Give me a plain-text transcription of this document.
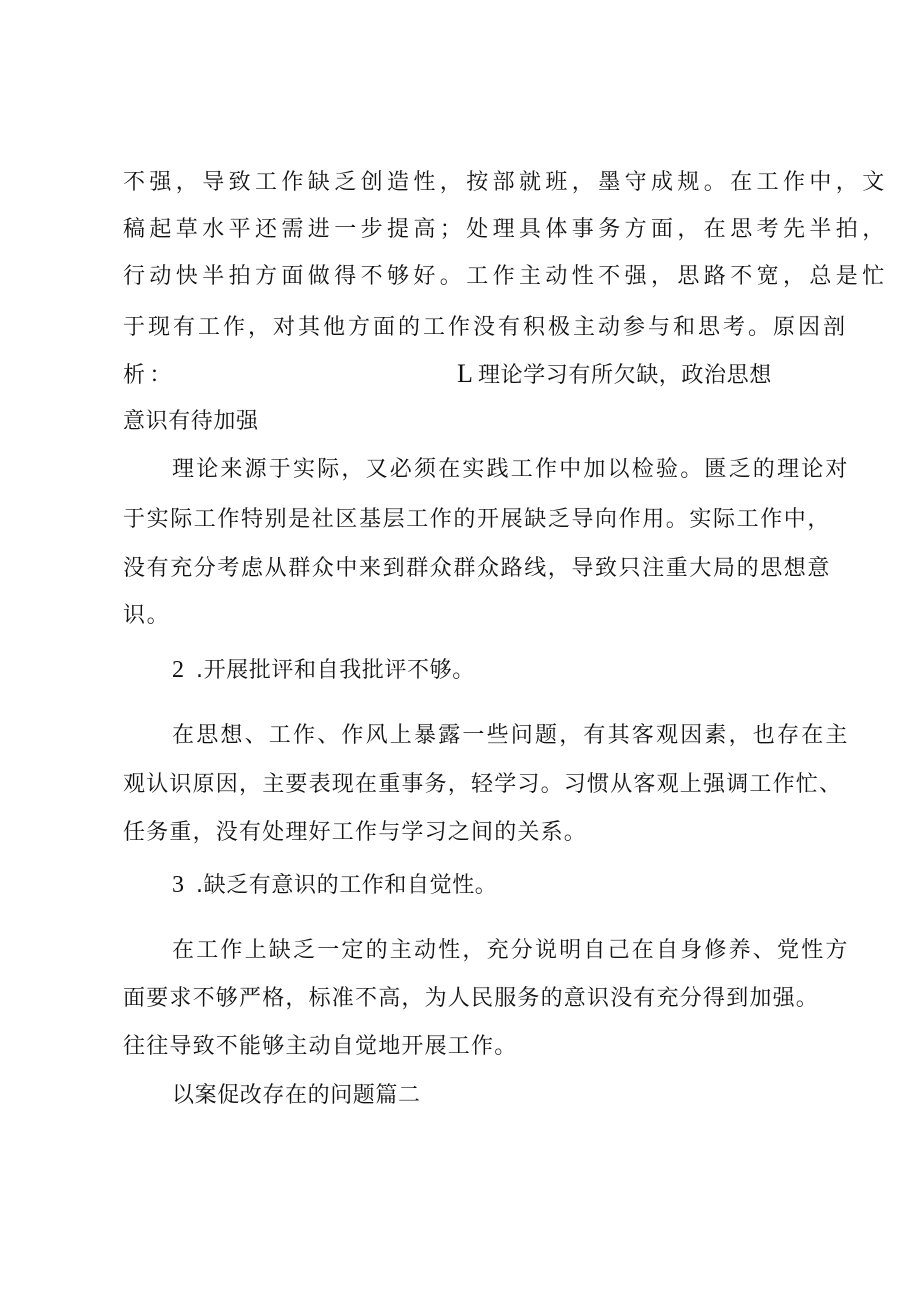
不强，导致工作缺乏创造性，按部就班，墨守成规。在工作中，文

稿起草水平还需进一步提高；处理具体事务方面，在思考先半拍，

行动快半拍方面做得不够好。工作主动性不强，思路不宽，总是忙

于现有工作，对其他方面的工作没有积极主动参与和思考。原因剖

析：	L 理论学习有所欠缺，政治思想

意识有待加强

理论来源于实际，又必须在实践工作中加以检验。匮乏的理论对

于实际工作特别是社区基层工作的开展缺乏导向作用。实际工作中，

没有充分考虑从群众中来到群众群众路线，导致只注重大局的思想意

识。

2 .开展批评和自我批评不够。

在思想、工作、作风上暴露一些问题，有其客观因素，也存在主

观认识原因，主要表现在重事务，轻学习。习惯从客观上强调工作忙、

任务重，没有处理好工作与学习之间的关系。

3 .缺乏有意识的工作和自觉性。

在工作上缺乏一定的主动性，充分说明自己在自身修养、党性方

面要求不够严格，标准不高，为人民服务的意识没有充分得到加强。

往往导致不能够主动自觉地开展工作。

以案促改存在的问题篇二
